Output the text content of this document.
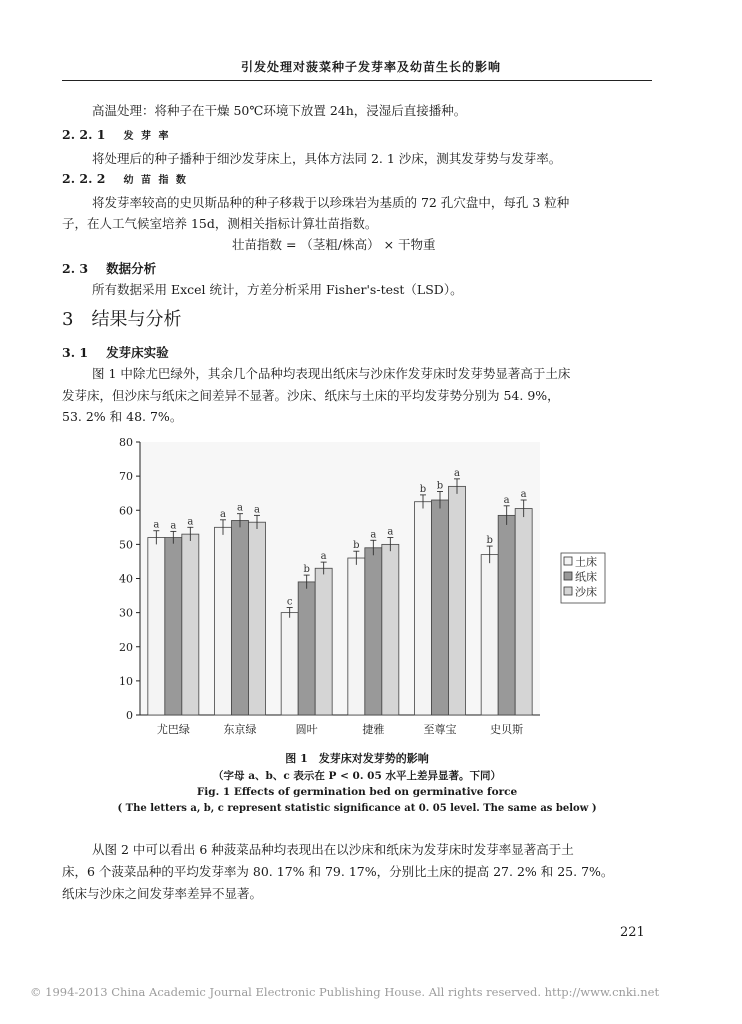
引发处理对菠菜种子发芽率及幼苗生长的影响
高温处理：将种子在干燥 50℃环境下放置 24h，浸湿后直接播种。
2. 2. 1 发 芽 率
将处理后的种子播种于细沙发芽床上，具体方法同 2. 1 沙床，测其发芽势与发芽率。
2. 2. 2 幼 苗 指 数
将发芽率较高的史贝斯品种的种子移栽于以珍珠岩为基质的 72 孔穴盘中，每孔 3 粒种
子，在人工气候室培养 15d，测相关指标计算壮苗指数。
壮苗指数 = （茎粗/株高） × 干物重
2. 3 数据分析
所有数据采用 Excel 统计，方差分析采用 Fisher's-test（LSD）。
3 结果与分析
3. 1 发芽床实验
图 1 中除尤巴绿外，其余几个品种均表现出纸床与沙床作发芽床时发芽势显著高于土床
发芽床，但沙床与纸床之间差异不显著。沙床、纸床与土床的平均发芽势分别为 54. 9%，
53. 2% 和 48. 7%。
a a a
a
a a
c
b
a
b
a a
b b
a
b
a
a
0
10
20
30
40
50
60
70
80
尤巴绿	东京绿	圆叶	捷雅	至尊宝	史贝斯
土床
纸床
沙床
图 1　发芽床对发芽势的影响
（字母 a、b、c 表示在 P < 0. 05 水平上差异显著。下同）
Fig. 1 Effects of germination bed on germinative force
( The letters a, b, c represent statistic significance at 0. 05 level. The same as below )
从图 2 中可以看出 6 种菠菜品种均表现出在以沙床和纸床为发芽床时发芽率显著高于土
床，6 个菠菜品种的平均发芽率为 80. 17% 和 79. 17%，分别比土床的提高 27. 2% 和 25. 7%。
纸床与沙床之间发芽率差异不显著。
221
© 1994-2013 China Academic Journal Electronic Publishing House. All rights reserved. http://www.cnki.net
